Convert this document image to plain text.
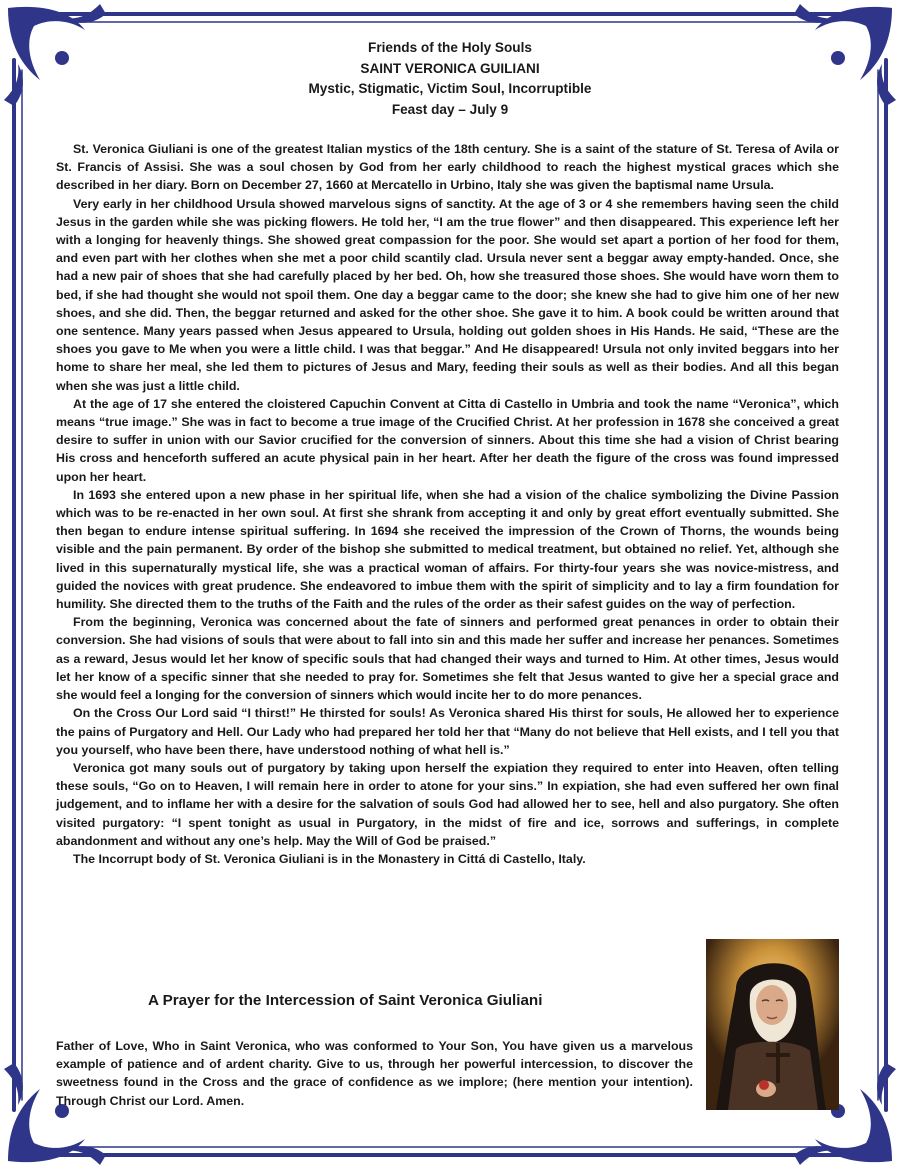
Friends of the Holy Souls
SAINT VERONICA GUILIANI
Mystic, Stigmatic, Victim Soul, Incorruptible
Feast day – July 9

St. Veronica Giuliani is one of the greatest Italian mystics of the 18th century. She is a saint of the stature of St. Teresa of Avila or St. Francis of Assisi. She was a soul chosen by God from her early childhood to reach the highest mystical graces which she described in her diary. Born on December 27, 1660 at Mercatello in Urbino, Italy she was given the baptismal name Ursula.

Very early in her childhood Ursula showed marvelous signs of sanctity. At the age of 3 or 4 she remembers having seen the child Jesus in the garden while she was picking flowers. He told her, “I am the true flower” and then disappeared. This experience left her with a longing for heavenly things. She showed great compassion for the poor. She would set apart a portion of her food for them, and even part with her clothes when she met a poor child scantily clad. Ursula never sent a beggar away empty-handed. Once, she had a new pair of shoes that she had carefully placed by her bed. Oh, how she treasured those shoes. She would have worn them to bed, if she had thought she would not spoil them. One day a beggar came to the door; she knew she had to give him one of her new shoes, and she did. Then, the beggar returned and asked for the other shoe. She gave it to him. A book could be written around that one sentence. Many years passed when Jesus appeared to Ursula, holding out golden shoes in His Hands. He said, “These are the shoes you gave to Me when you were a little child. I was that beggar.” And He disappeared! Ursula not only invited beggars into her home to share her meal, she led them to pictures of Jesus and Mary, feeding their souls as well as their bodies. And all this began when she was just a little child.

At the age of 17 she entered the cloistered Capuchin Convent at Citta di Castello in Umbria and took the name “Veronica”, which means “true image.” She was in fact to become a true image of the Crucified Christ. At her profession in 1678 she conceived a great desire to suffer in union with our Savior crucified for the conversion of sinners. About this time she had a vision of Christ bearing His cross and henceforth suffered an acute physical pain in her heart. After her death the figure of the cross was found impressed upon her heart.

In 1693 she entered upon a new phase in her spiritual life, when she had a vision of the chalice symbolizing the Divine Passion which was to be re-enacted in her own soul. At first she shrank from accepting it and only by great effort eventually submitted. She then began to endure intense spiritual suffering. In 1694 she received the impression of the Crown of Thorns, the wounds being visible and the pain permanent. By order of the bishop she submitted to medical treatment, but obtained no relief. Yet, although she lived in this supernaturally mystical life, she was a practical woman of affairs. For thirty-four years she was novice-mistress, and guided the novices with great prudence. She endeavored to imbue them with the spirit of simplicity and to lay a firm foundation for humility. She directed them to the truths of the Faith and the rules of the order as their safest guides on the way of perfection.

From the beginning, Veronica was concerned about the fate of sinners and performed great penances in order to obtain their conversion. She had visions of souls that were about to fall into sin and this made her suffer and increase her penances. Sometimes as a reward, Jesus would let her know of specific souls that had changed their ways and turned to Him. At other times, Jesus would let her know of a specific sinner that she needed to pray for. Sometimes she felt that Jesus wanted to give her a special grace and she would feel a longing for the conversion of sinners which would incite her to do more penances.

On the Cross Our Lord said “I thirst!” He thirsted for souls! As Veronica shared His thirst for souls, He allowed her to experience the pains of Purgatory and Hell. Our Lady who had prepared her told her that “Many do not believe that Hell exists, and I tell you that you yourself, who have been there, have understood nothing of what hell is.”

Veronica got many souls out of purgatory by taking upon herself the expiation they required to enter into Heaven, often telling these souls, “Go on to Heaven, I will remain here in order to atone for your sins.” In expiation, she had even suffered her own final judgement, and to inflame her with a desire for the salvation of souls God had allowed her to see, hell and also purgatory. She often visited purgatory: “I spent tonight as usual in Purgatory, in the midst of fire and ice, sorrows and sufferings, in complete abandonment and without any one’s help. May the Will of God be praised.”

The Incorrupt body of St. Veronica Giuliani is in the Monastery in Cittá di Castello, Italy.

A Prayer for the Intercession of Saint Veronica Giuliani
Father of Love, Who in Saint Veronica, who was conformed to Your Son, You have given us a marvelous example of patience and of ardent charity. Give to us, through her powerful intercession, to discover the sweetness found in the Cross and the grace of confidence as we implore; (here mention your intention). Through Christ our Lord. Amen.
